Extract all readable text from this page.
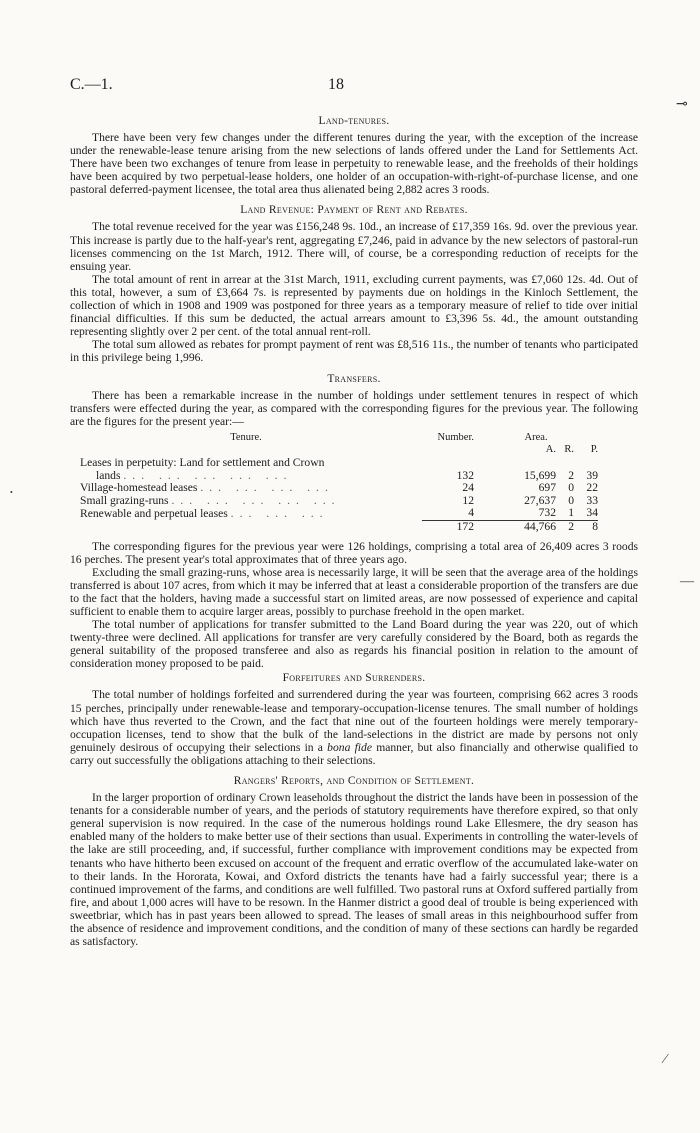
C.—1.	18
⊸
•
—
⁄
Land-tenures.

There have been very few changes under the different tenures during the year, with the exception of the increase under the renewable-lease tenure arising from the new selections of lands offered under the Land for Settlements Act. There have been two exchanges of tenure from lease in perpetuity to renewable lease, and the freeholds of their holdings have been acquired by two perpetual-lease holders, one holder of an occupation-with-right-of-purchase license, and one pastoral deferred-payment licensee, the total area thus alienated being 2,882 acres 3 roods.

Land Revenue: Payment of Rent and Rebates.

The total revenue received for the year was £156,248 9s. 10d., an increase of £17,359 16s. 9d. over the previous year. This increase is partly due to the half-year's rent, aggregating £7,246, paid in advance by the new selectors of pastoral-run licenses commencing on the 1st March, 1912. There will, of course, be a corresponding reduction of receipts for the ensuing year.

The total amount of rent in arrear at the 31st March, 1911, excluding current payments, was £7,060 12s. 4d. Out of this total, however, a sum of £3,664 7s. is represented by payments due on holdings in the Kinloch Settlement, the collection of which in 1908 and 1909 was postponed for three years as a temporary measure of relief to tide over initial financial difficulties. If this sum be deducted, the actual arrears amount to £3,396 5s. 4d., the amount outstanding representing slightly over 2 per cent. of the total annual rent-roll.

The total sum allowed as rebates for prompt payment of rent was £8,516 11s., the number of tenants who participated in this privilege being 1,996.

Transfers.

There has been a remarkable increase in the number of holdings under settlement tenures in respect of which transfers were effected during the year, as compared with the corresponding figures for the previous year. The following are the figures for the present year:—

Tenure.	Number.	Area.			
		A.	R.	P.	
Leases in perpetuity: Land for settlement and Crown					
lands ... ... ... ... ...	132	15,699	2	39	
Village-homestead leases ... ... ... ...	24	697	0	22	
Small grazing-runs ... ... ... ... ...	12	27,637	0	33	
Renewable and perpetual leases ... ... ...	4	732	1	34	
	172	44,766	2	8	

The corresponding figures for the previous year were 126 holdings, comprising a total area of 26,409 acres 3 roods 16 perches. The present year's total approximates that of three years ago.

Excluding the small grazing-runs, whose area is necessarily large, it will be seen that the average area of the holdings transferred is about 107 acres, from which it may be inferred that at least a considerable proportion of the transfers are due to the fact that the holders, having made a successful start on limited areas, are now possessed of experience and capital sufficient to enable them to acquire larger areas, possibly to purchase freehold in the open market.

The total number of applications for transfer submitted to the Land Board during the year was 220, out of which twenty-three were declined. All applications for transfer are very carefully considered by the Board, both as regards the general suitability of the proposed transferee and also as regards his financial position in relation to the amount of consideration money proposed to be paid.

Forfeitures and Surrenders.

The total number of holdings forfeited and surrendered during the year was fourteen, comprising 662 acres 3 roods 15 perches, principally under renewable-lease and temporary-occupation-license tenures. The small number of holdings which have thus reverted to the Crown, and the fact that nine out of the fourteen holdings were merely temporary-occupation licenses, tend to show that the bulk of the land-selections in the district are made by persons not only genuinely desirous of occupying their selections in a bona fide manner, but also financially and otherwise qualified to carry out successfully the obligations attaching to their selections.

Rangers' Reports, and Condition of Settlement.

In the larger proportion of ordinary Crown leaseholds throughout the district the lands have been in possession of the tenants for a considerable number of years, and the periods of statutory requirements have therefore expired, so that only general supervision is now required. In the case of the numerous holdings round Lake Ellesmere, the dry season has enabled many of the holders to make better use of their sections than usual. Experiments in controlling the water-levels of the lake are still proceeding, and, if successful, further compliance with improvement conditions may be expected from tenants who have hitherto been excused on account of the frequent and erratic overflow of the accumulated lake-water on to their lands. In the Hororata, Kowai, and Oxford districts the tenants have had a fairly successful year; there is a continued improvement of the farms, and conditions are well fulfilled. Two pastoral runs at Oxford suffered partially from fire, and about 1,000 acres will have to be resown. In the Hanmer district a good deal of trouble is being experienced with sweetbriar, which has in past years been allowed to spread. The leases of small areas in this neighbourhood suffer from the absence of residence and improvement conditions, and the condition of many of these sections can hardly be regarded as satisfactory.
